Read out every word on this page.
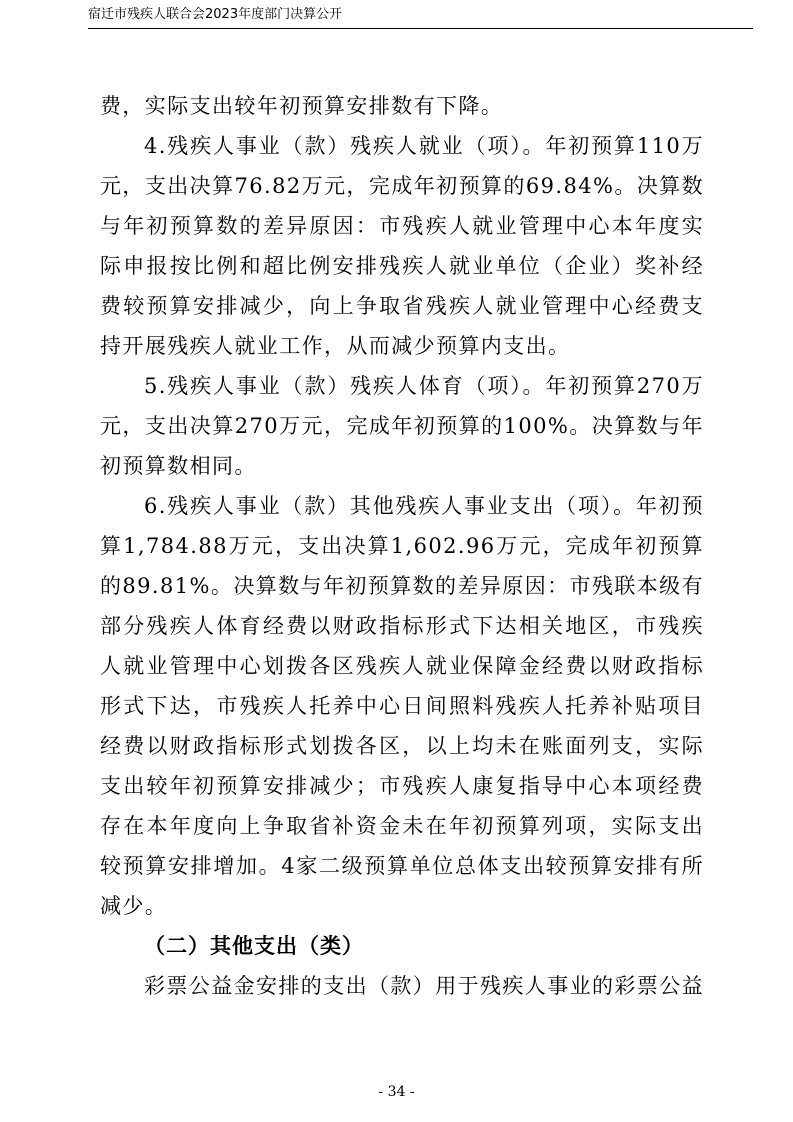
宿迁市残疾人联合会2023年度部门决算公开

费，实际支出较年初预算安排数有下降。

4.残疾人事业（款）残疾人就业（项）。年初预算110万元，支出决算76.82万元，完成年初预算的69.84%。决算数与年初预算数的差异原因：市残疾人就业管理中心本年度实际申报按比例和超比例安排残疾人就业单位（企业）奖补经费较预算安排减少，向上争取省残疾人就业管理中心经费支持开展残疾人就业工作，从而减少预算内支出。

5.残疾人事业（款）残疾人体育（项）。年初预算270万元，支出决算270万元，完成年初预算的100%。决算数与年初预算数相同。

6.残疾人事业（款）其他残疾人事业支出（项）。年初预算1,784.88万元，支出决算1,602.96万元，完成年初预算的89.81%。决算数与年初预算数的差异原因：市残联本级有部分残疾人体育经费以财政指标形式下达相关地区，市残疾人就业管理中心划拨各区残疾人就业保障金经费以财政指标形式下达，市残疾人托养中心日间照料残疾人托养补贴项目经费以财政指标形式划拨各区，以上均未在账面列支，实际支出较年初预算安排减少；市残疾人康复指导中心本项经费存在本年度向上争取省补资金未在年初预算列项，实际支出较预算安排增加。4家二级预算单位总体支出较预算安排有所减少。

（二）其他支出（类）

彩票公益金安排的支出（款）用于残疾人事业的彩票公益

- 34 -
